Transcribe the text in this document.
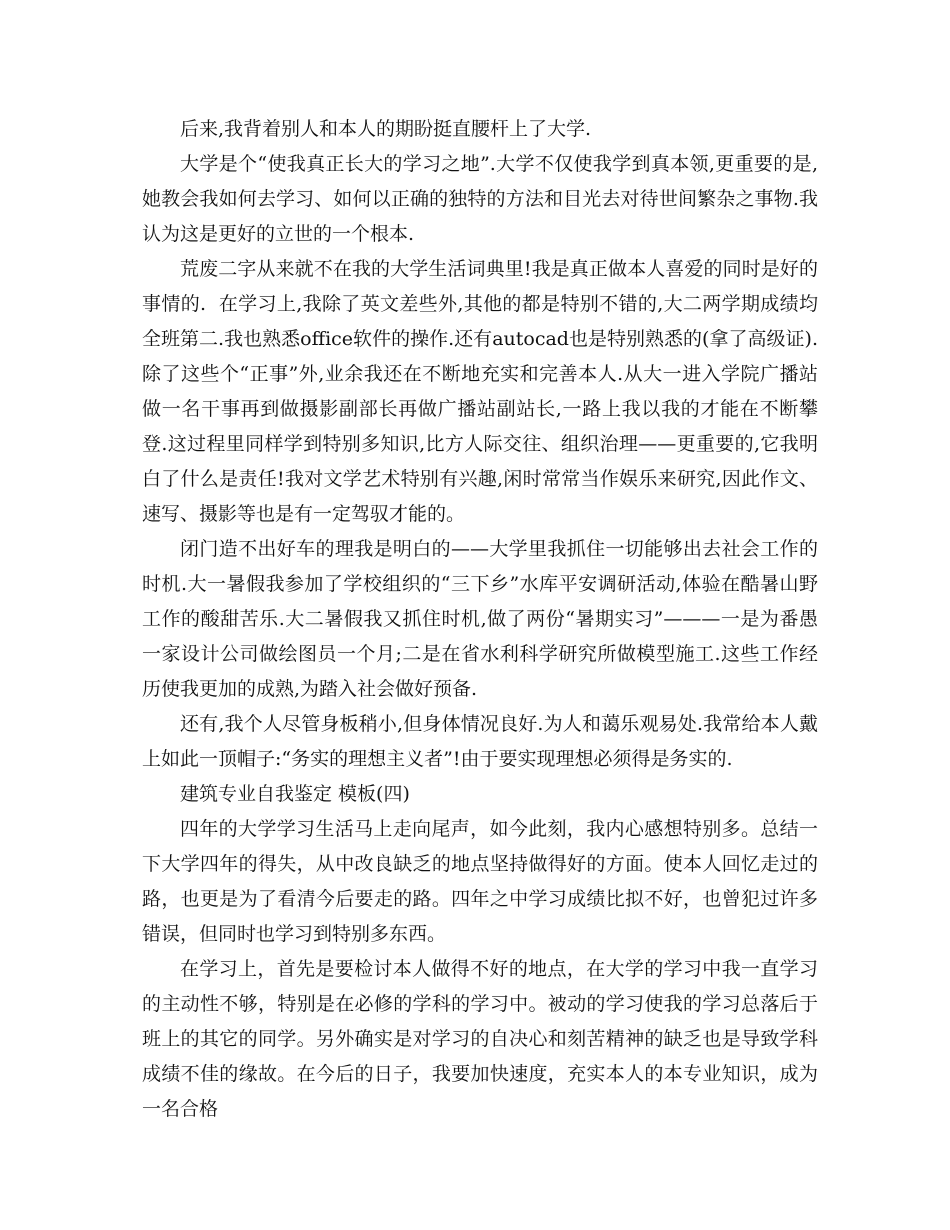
后来,我背着别人和本人的期盼挺直腰杆上了大学.

大学是个“使我真正长大的学习之地”.大学不仅使我学到真本领,更重要的是,她教会我如何去学习、如何以正确的独特的方法和目光去对待世间繁杂之事物.我认为这是更好的立世的一个根本.

荒废二字从来就不在我的大学生活词典里!我是真正做本人喜爱的同时是好的事情的.  在学习上,我除了英文差些外,其他的都是特别不错的,大二两学期成绩均全班第二.我也熟悉office软件的操作.还有autocad也是特别熟悉的(拿了高级证).除了这些个“正事”外,业余我还在不断地充实和完善本人.从大一进入学院广播站做一名干事再到做摄影副部长再做广播站副站长,一路上我以我的才能在不断攀登.这过程里同样学到特别多知识,比方人际交往、组织治理——更重要的,它我明白了什么是责任!我对文学艺术特别有兴趣,闲时常常当作娱乐来研究,因此作文、速写、摄影等也是有一定驾驭才能的。

闭门造不出好车的理我是明白的——大学里我抓住一切能够出去社会工作的时机.大一暑假我参加了学校组织的“三下乡”水库平安调研活动,体验在酷暑山野工作的酸甜苦乐.大二暑假我又抓住时机,做了两份“暑期实习”———一是为番愚一家设计公司做绘图员一个月;二是在省水利科学研究所做模型施工.这些工作经历使我更加的成熟,为踏入社会做好预备.

还有,我个人尽管身板稍小,但身体情况良好.为人和蔼乐观易处.我常给本人戴上如此一顶帽子:“务实的理想主义者”!由于要实现理想必须得是务实的.

建筑专业自我鉴定 模板(四)

四年的大学学习生活马上走向尾声，如今此刻，我内心感想特别多。总结一下大学四年的得失，从中改良缺乏的地点坚持做得好的方面。使本人回忆走过的路，也更是为了看清今后要走的路。四年之中学习成绩比拟不好，也曾犯过许多错误，但同时也学习到特别多东西。

在学习上，首先是要检讨本人做得不好的地点，在大学的学习中我一直学习的主动性不够，特别是在必修的学科的学习中。被动的学习使我的学习总落后于班上的其它的同学。另外确实是对学习的自决心和刻苦精神的缺乏也是导致学科成绩不佳的缘故。在今后的日子，我要加快速度，充实本人的本专业知识，成为一名合格
